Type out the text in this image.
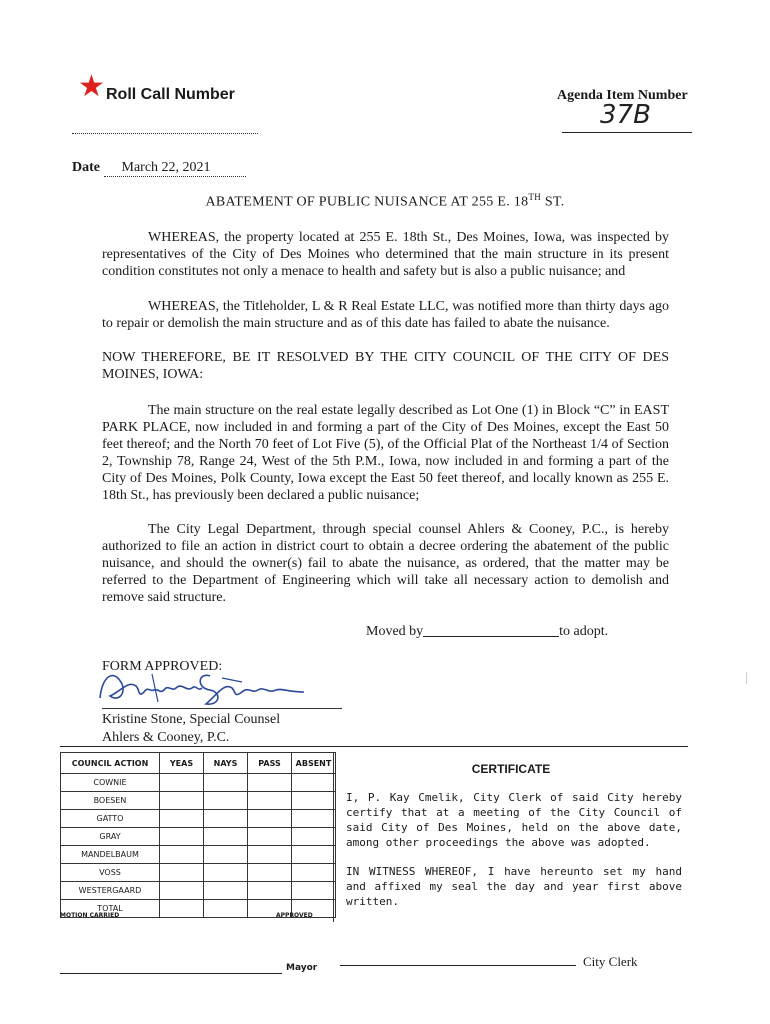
★ Roll Call Number	Agenda Item Number
37B
Date March 22, 2021
ABATEMENT OF PUBLIC NUISANCE AT 255 E. 18TH ST.
WHEREAS, the property located at 255 E. 18th St., Des Moines, Iowa, was inspected by representatives of the City of Des Moines who determined that the main structure in its present condition constitutes not only a menace to health and safety but is also a public nuisance; and
WHEREAS, the Titleholder, L & R Real Estate LLC, was notified more than thirty days ago to repair or demolish the main structure and as of this date has failed to abate the nuisance.
NOW THEREFORE, BE IT RESOLVED BY THE CITY COUNCIL OF THE CITY OF DES MOINES, IOWA:
The main structure on the real estate legally described as Lot One (1) in Block “C” in EAST PARK PLACE, now included in and forming a part of the City of Des Moines, except the East 50 feet thereof; and the North 70 feet of Lot Five (5), of the Official Plat of the Northeast 1/4 of Section 2, Township 78, Range 24, West of the 5th P.M., Iowa, now included in and forming a part of the City of Des Moines, Polk County, Iowa except the East 50 feet thereof, and locally known as 255 E. 18th St., has previously been declared a public nuisance;
The City Legal Department, through special counsel Ahlers & Cooney, P.C., is hereby authorized to file an action in district court to obtain a decree ordering the abatement of the public nuisance, and should the owner(s) fail to abate the nuisance, as ordered, that the matter may be referred to the Department of Engineering which will take all necessary action to demolish and remove said structure.
Moved by	to adopt.
FORM APPROVED:
Kristine Stone, Special Counsel
Ahlers & Cooney, P.C.
COUNCIL ACTION	YEAS	NAYS	PASS	ABSENT
COWNIE				
BOESEN				
GATTO				
GRAY				
MANDELBAUM				
VOSS				
WESTERGAARD				
TOTAL				
MOTION CARRIED	APPROVED
CERTIFICATE
I, P. Kay Cmelik, City Clerk of said City hereby certify that at a meeting of the City Council of said City of Des Moines, held on the above date, among other proceedings the above was adopted.
IN WITNESS WHEREOF, I have hereunto set my hand and affixed my seal the day and year first above written.
Mayor	City Clerk
